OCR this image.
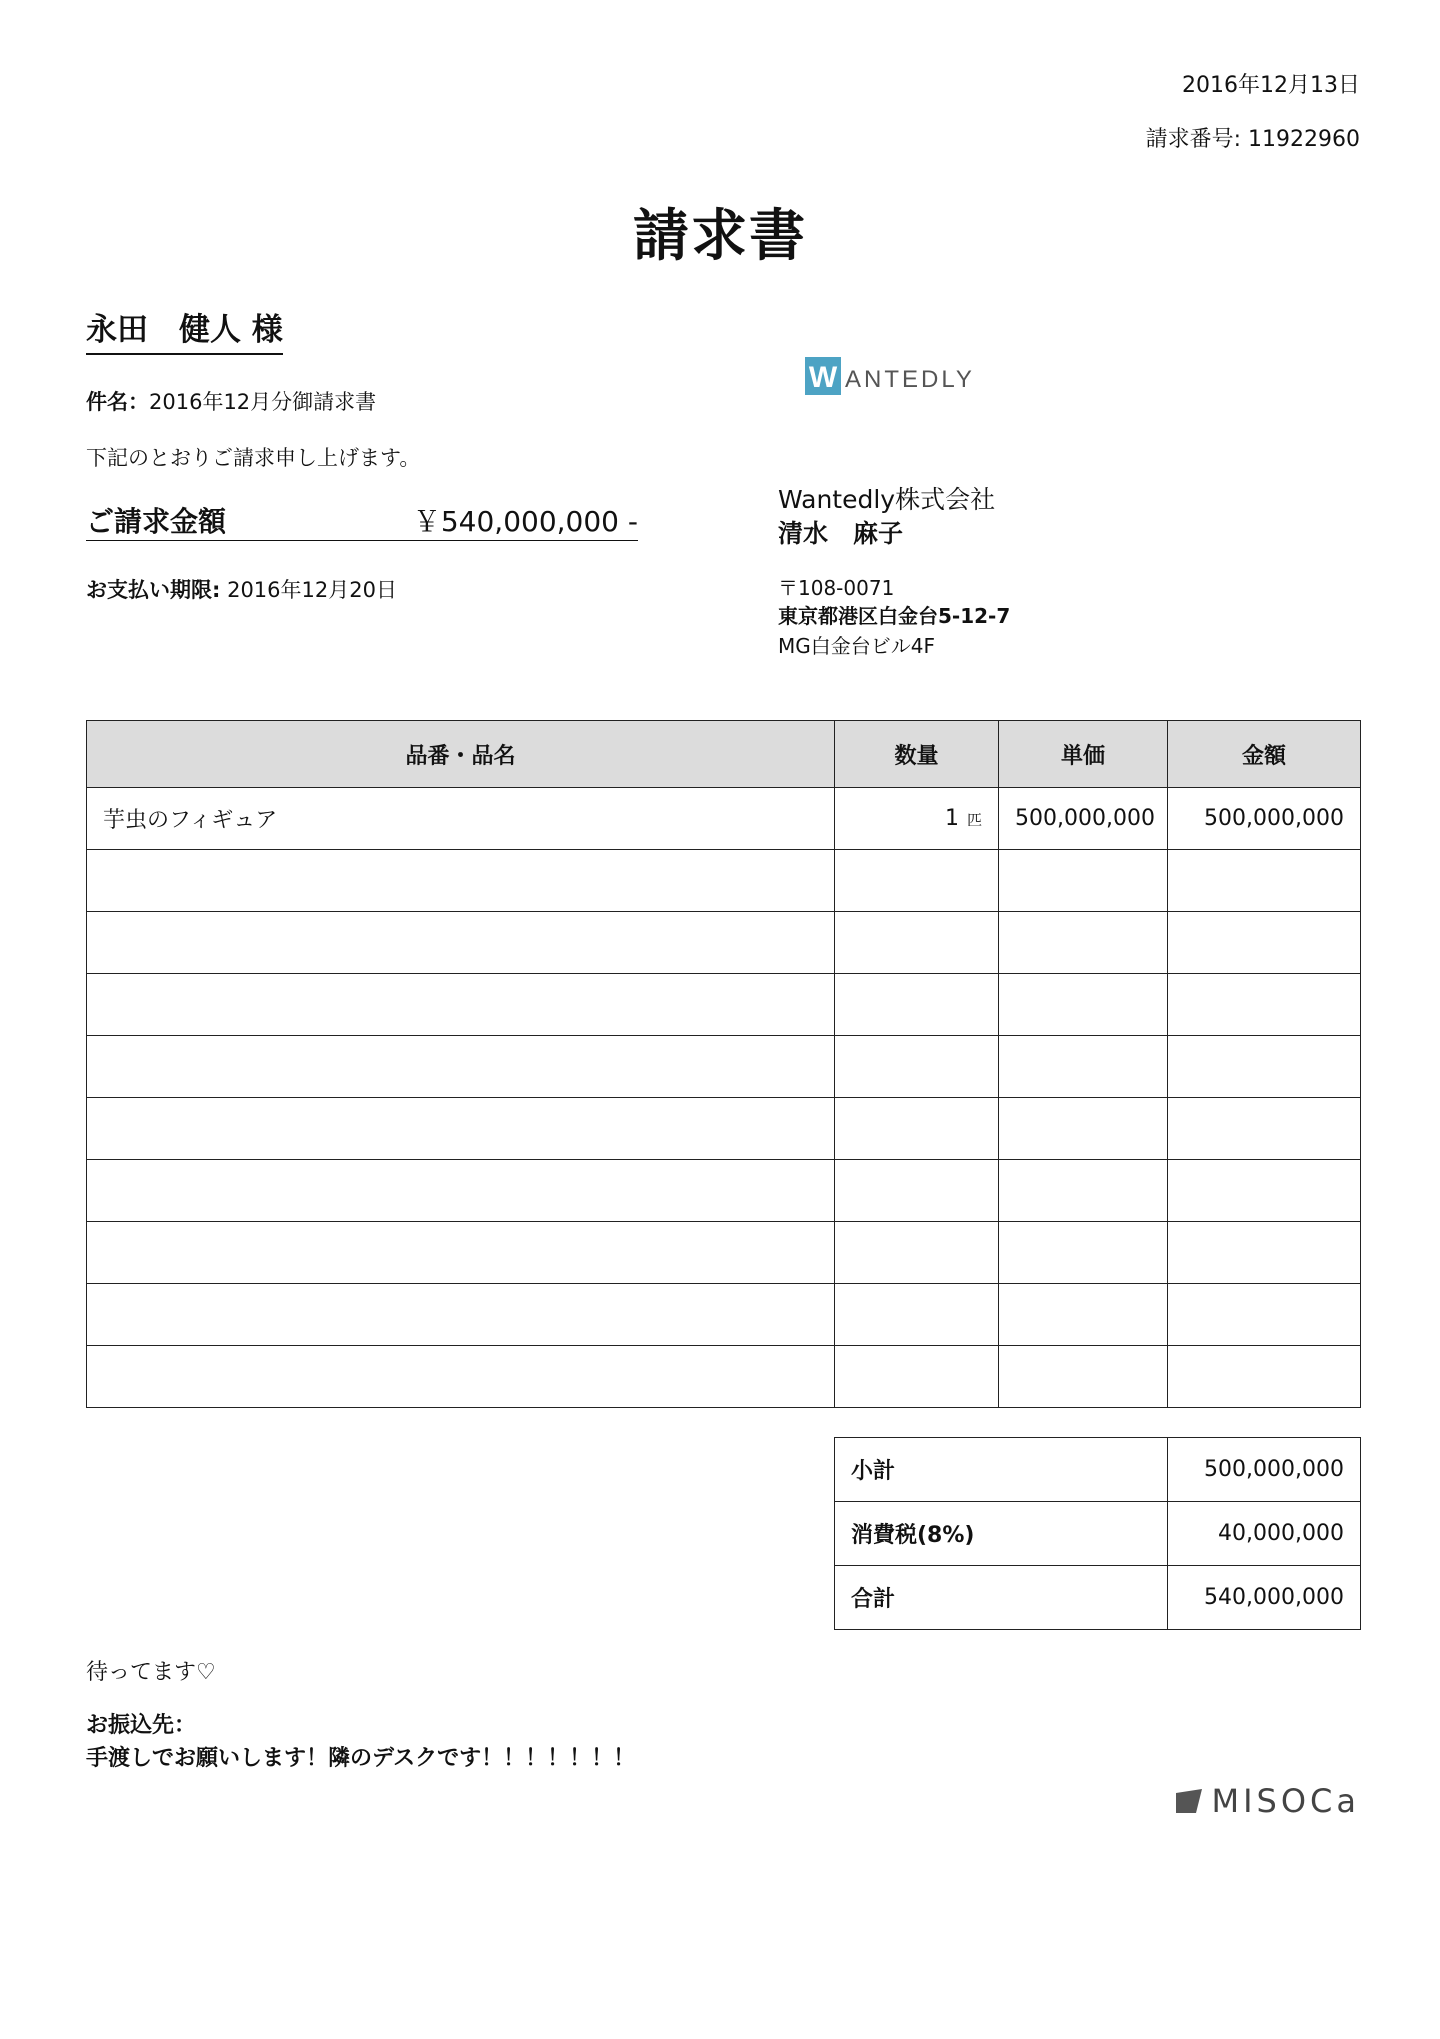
2016年12月13日
請求番号: 11922960
請求書
永田　健人 様
件名：2016年12月分御請求書
下記のとおりご請求申し上げます。
ご請求金額	￥540,000,000 -
お支払い期限: 2016年12月20日
W ANTEDLY
Wantedly株式会社
清水　麻子
〒108-0071
東京都港区白金台5-12-7
MG白金台ビル4F
品番・品名	数量	単価	金額
芋虫のフィギュア	1 匹	500,000,000	500,000,000

小計	500,000,000
消費税(8%)	40,000,000
合計	540,000,000
待ってます♡
お振込先：
手渡しでお願いします！隣のデスクです！！！！！！！
MISOCa
